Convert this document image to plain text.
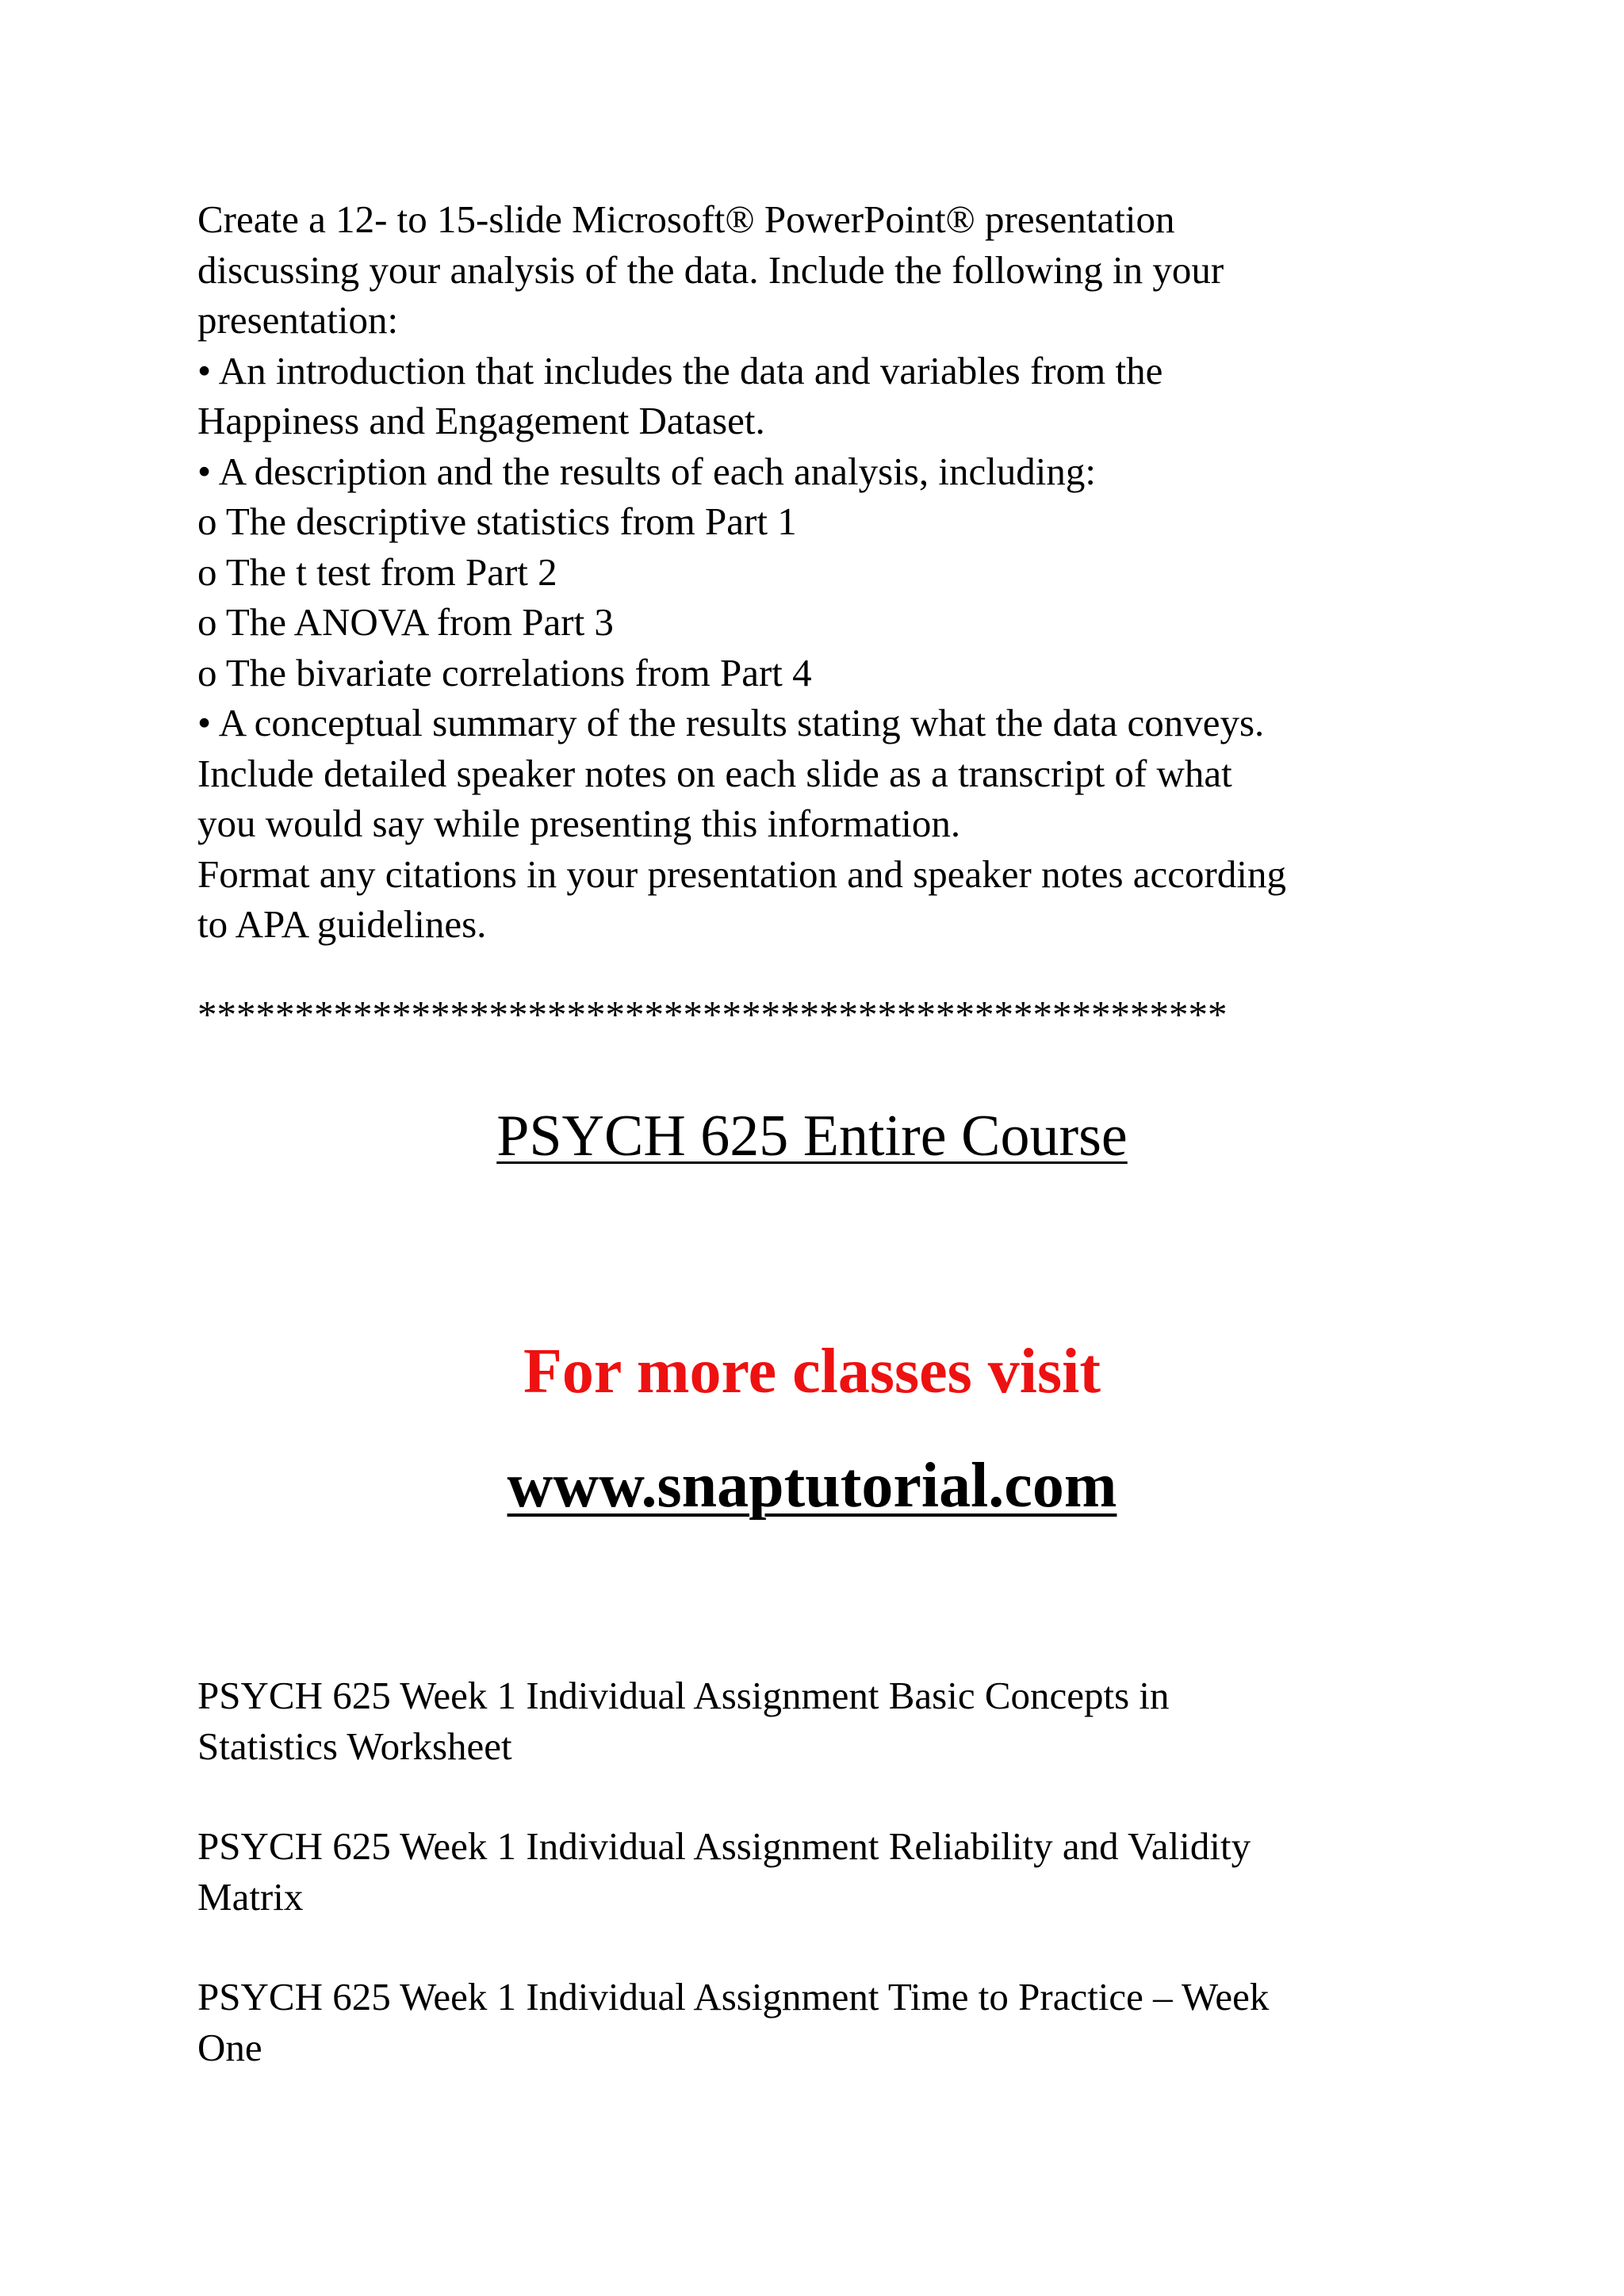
Create a 12- to 15-slide Microsoft® PowerPoint® presentation
discussing your analysis of the data. Include the following in your
presentation:
• An introduction that includes the data and variables from the
Happiness and Engagement Dataset.
• A description and the results of each analysis, including:
o The descriptive statistics from Part 1
o The t test from Part 2
o The ANOVA from Part 3
o The bivariate correlations from Part 4
• A conceptual summary of the results stating what the data conveys.
Include detailed speaker notes on each slide as a transcript of what
you would say while presenting this information.
Format any citations in your presentation and speaker notes according
to APA guidelines.
*****************************************************
PSYCH 625 Entire Course
For more classes visit
www.snaptutorial.com
PSYCH 625 Week 1 Individual Assignment Basic Concepts in
Statistics Worksheet
PSYCH 625 Week 1 Individual Assignment Reliability and Validity
Matrix
PSYCH 625 Week 1 Individual Assignment Time to Practice – Week
One
